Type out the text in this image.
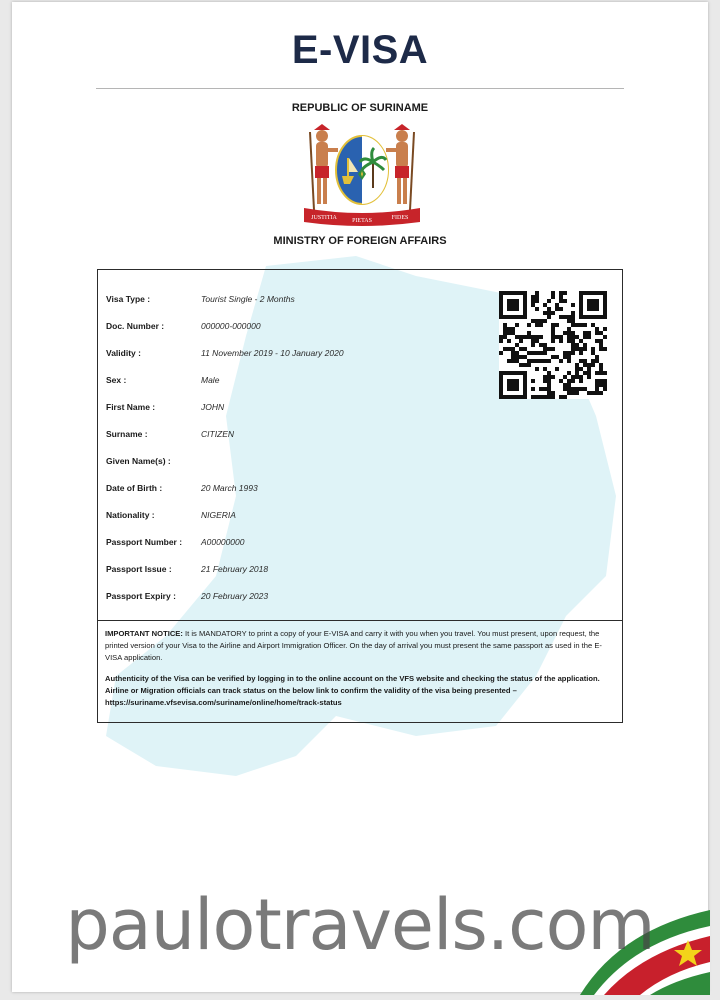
E-VISA
REPUBLIC OF SURINAME
JUSTITIA	PIETAS	FIDES
MINISTRY OF FOREIGN AFFAIRS
Visa Type :	Tourist Single - 2 Months
Doc. Number :	000000-000000
Validity :	11 November 2019 - 10 January 2020
Sex :	Male
First Name :	JOHN
Surname :	CITIZEN
Given Name(s) :
Date of Birth :	20 March 1993
Nationality :	NIGERIA
Passport Number :	A00000000
Passport Issue :	21 February 2018
Passport Expiry :	20 February 2023
IMPORTANT NOTICE: It is MANDATORY to print a copy of your E-VISA and carry it with you when you travel. You must present, upon request, the printed version of your Visa to the Airline and Airport Immigration Officer. On the day of arrival you must present the same passport as used in the E-VISA application.
Authenticity of the Visa can be verified by logging in to the online account on the VFS website and checking the status of the application. Airline or Migration officials can track status on the below link to confirm the validity of the visa being presented – https://suriname.vfsevisa.com/suriname/online/home/track-status
paulotravels.com
